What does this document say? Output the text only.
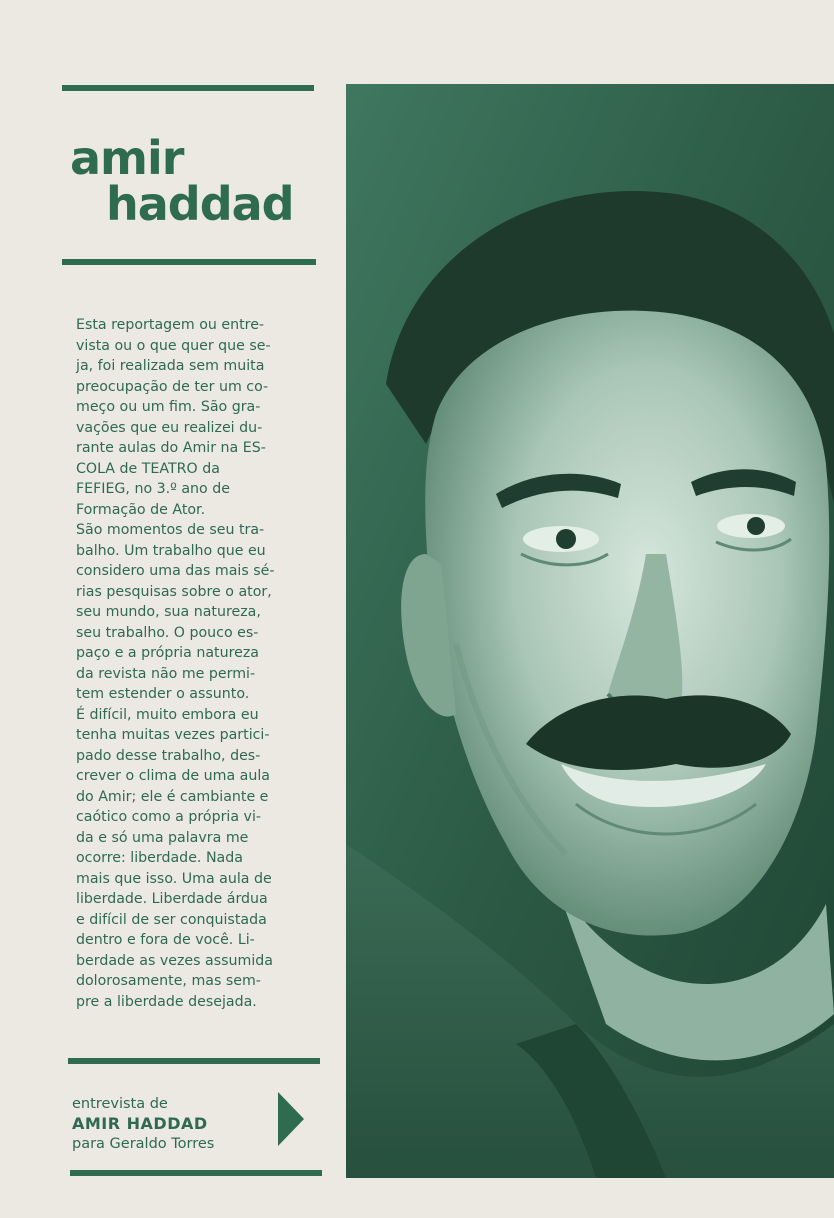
amir
haddad
Esta reportagem ou entre-
vista ou o que quer que se-
ja, foi realizada sem muita
preocupação de ter um co-
meço ou um fim. São gra-
vações que eu realizei du-
rante aulas do Amir na ES-
COLA de TEATRO da
FEFIEG, no 3.º ano de
Formação de Ator.
São momentos de seu tra-
balho. Um trabalho que eu
considero uma das mais sé-
rias pesquisas sobre o ator,
seu mundo, sua natureza,
seu trabalho. O pouco es-
paço e a própria natureza
da revista não me permi-
tem estender o assunto.
É difícil, muito embora eu
tenha muitas vezes partici-
pado desse trabalho, des-
crever o clima de uma aula
do Amir; ele é cambiante e
caótico como a própria vi-
da e só uma palavra me
ocorre: liberdade. Nada
mais que isso. Uma aula de
liberdade. Liberdade árdua
e difícil de ser conquistada
dentro e fora de você. Li-
berdade as vezes assumida
dolorosamente, mas sem-
pre a liberdade desejada.
entrevista de
AMIR HADDAD
para Geraldo Torres
